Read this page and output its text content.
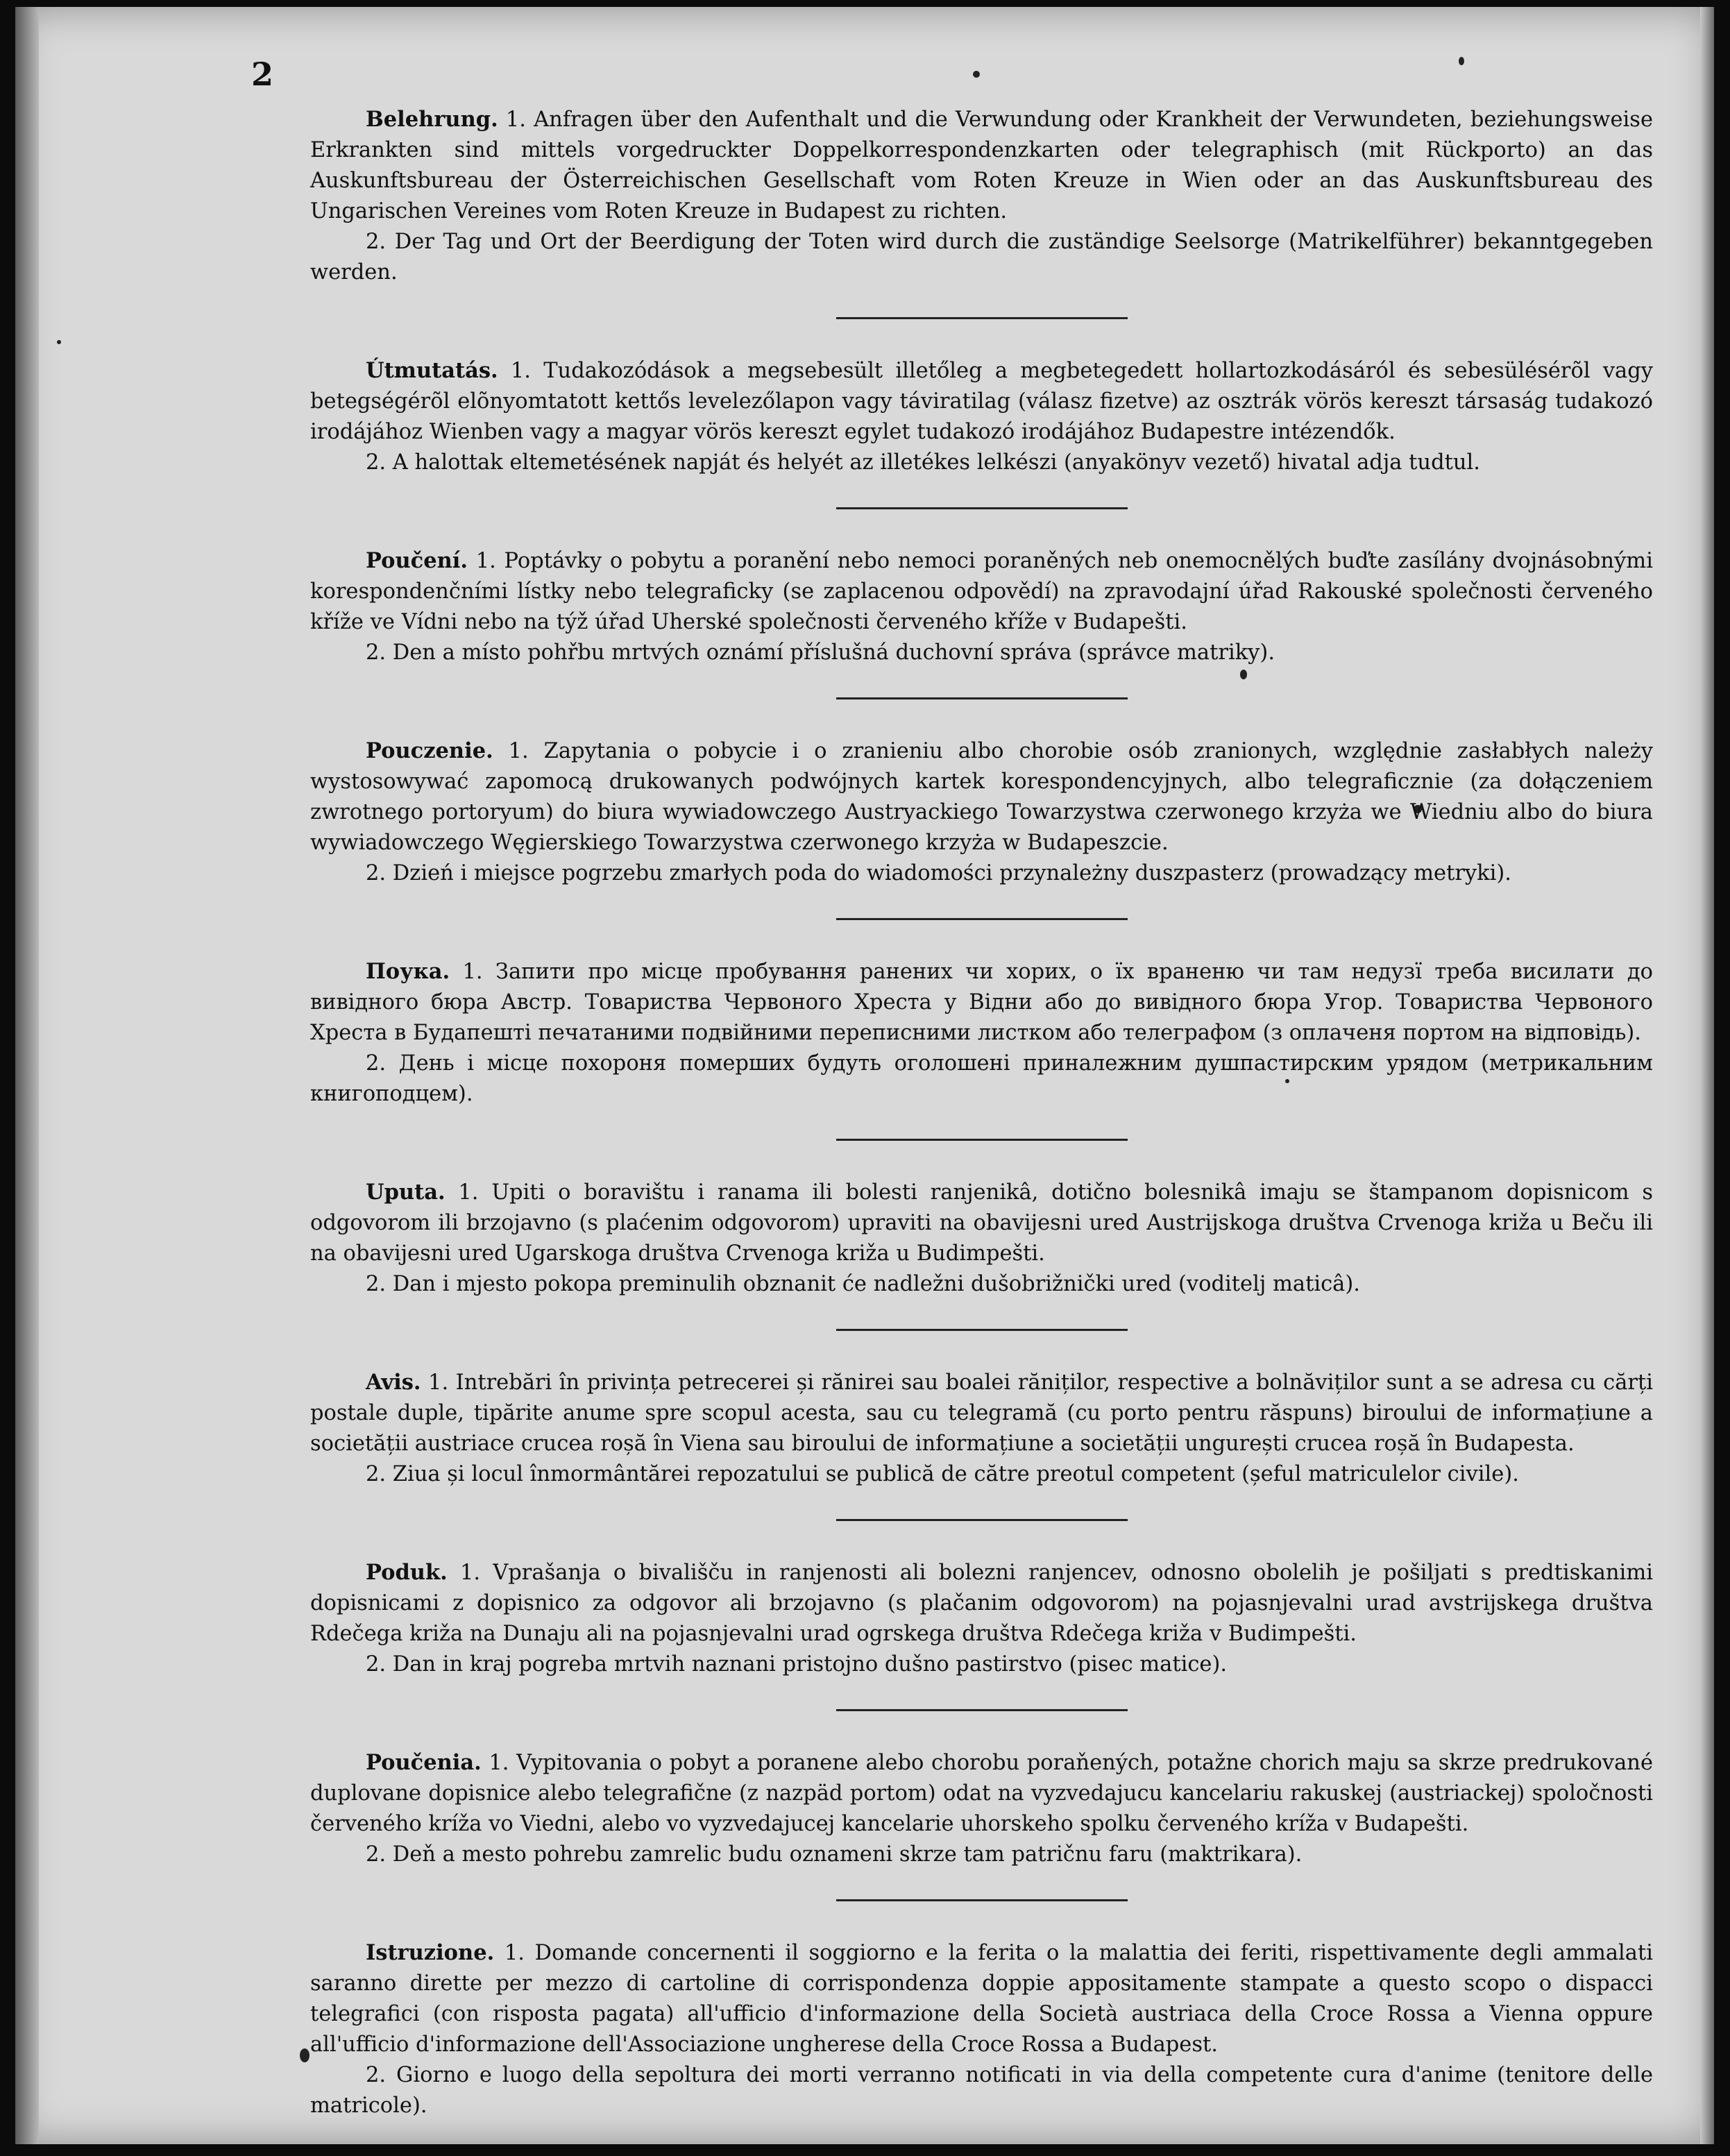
2

Belehrung. 1. Anfragen über den Aufenthalt und die Verwundung oder Krankheit der Verwundeten, beziehungsweise Erkrankten sind mittels vorgedruckter Doppelkorrespondenzkarten oder telegraphisch (mit Rückporto) an das Auskunftsbureau der Österreichischen Gesellschaft vom Roten Kreuze in Wien oder an das Auskunftsbureau des Ungarischen Vereines vom Roten Kreuze in Budapest zu richten.

2. Der Tag und Ort der Beerdigung der Toten wird durch die zuständige Seelsorge (Matrikelführer) bekanntgegeben werden.

Útmutatás. 1. Tudakozódások a megsebesült illetőleg a megbetegedett hollartozkodásáról és sebesülésérõl vagy betegségérõl elõnyomtatott kettős levelezőlapon vagy táviratilag (válasz fizetve) az osztrák vörös kereszt társaság tudakozó irodájához Wienben vagy a magyar vörös kereszt egylet tudakozó irodájához Budapestre intézendők.

2. A halottak eltemetésének napját és helyét az illetékes lelkészi (anyakönyv vezető) hivatal adja tudtul.

Poučení. 1. Poptávky o pobytu a poranění nebo nemoci poraněných neb onemocnělých buďte zasílány dvojnásobnými korespondenčními lístky nebo telegraficky (se zaplacenou odpovědí) na zpravodajní úřad Rakouské společnosti červeného kříže ve Vídni nebo na týž úřad Uherské společnosti červeného kříže v Budapešti.

2. Den a místo pohřbu mrtvých oznámí příslušná duchovní správa (správce matriky).

Pouczenie. 1. Zapytania o pobycie i o zranieniu albo chorobie osób zranionych, względnie zasłabłych należy wystosowywać zapomocą drukowanych podwójnych kartek korespondencyjnych, albo telegraficznie (za dołączeniem zwrotnego portoryum) do biura wywiadowczego Austryackiego Towarzystwa czerwonego krzyża we Wiedniu albo do biura wywiadowczego Węgierskiego Towarzystwa czerwonego krzyża w Budapeszcie.

2. Dzień i miejsce pogrzebu zmarłych poda do wiadomości przynależny duszpasterz (prowadzący metryki).

Поука. 1. Запити про місце пробування ранених чи хорих, о їх враненю чи там недузї треба висилати до вивідного бюра Австр. Товариства Червоного Хреста у Відни або до вивідного бюра Угор. Товариства Червоного Хреста в Будапешті печатаними подвійними переписними листком або телеграфом (з оплаченя портом на відповідь).

2. День і місце похороня померших будуть оголошені приналежним душпастирским урядом (метрикальним книгоподцем).

Uputa. 1. Upiti o boravištu i ranama ili bolesti ranjenikâ, dotično bolesnikâ imaju se štampanom dopisnicom s odgovorom ili brzojavno (s plaćenim odgovorom) upraviti na obavijesni ured Austrijskoga društva Crvenoga križa u Beču ili na obavijesni ured Ugarskoga društva Crvenoga križa u Budimpešti.

2. Dan i mjesto pokopa preminulih obznanit će nadležni dušobrižnički ured (voditelj maticâ).

Avis. 1. Intrebări în privința petrecerei și rănirei sau boalei răniților, respective a bolnăviților sunt a se adresa cu cărți postale duple, tipărite anume spre scopul acesta, sau cu telegramă (cu porto pentru răspuns) biroului de informațiune a societății austriace crucea roșă în Viena sau biroului de informațiune a societății ungurești crucea roșă în Budapesta.

2. Ziua și locul înmormântărei repozatului se publică de către preotul competent (șeful matriculelor civile).

Poduk. 1. Vprašanja o bivališču in ranjenosti ali bolezni ranjencev, odnosno obolelih je pošiljati s predtiskanimi dopisnicami z dopisnico za odgovor ali brzojavno (s plačanim odgovorom) na pojasnjevalni urad avstrijskega društva Rdečega križa na Dunaju ali na pojasnjevalni urad ogrskega društva Rdečega križa v Budimpešti.

2. Dan in kraj pogreba mrtvih naznani pristojno dušno pastirstvo (pisec matice).

Poučenia. 1. Vypitovania o pobyt a poranene alebo chorobu poraňených, potažne chorich maju sa skrze predrukované duplovane dopisnice alebo telegrafične (z nazpäd portom) odat na vyzvedajucu kancelariu rakuskej (austriackej) spoločnosti červeného kríža vo Viedni, alebo vo vyzvedajucej kancelarie uhorskeho spolku červeného kríža v Budapešti.

2. Deň a mesto pohrebu zamrelic budu oznameni skrze tam patričnu faru (maktrikara).

Istruzione. 1. Domande concernenti il soggiorno e la ferita o la malattia dei feriti, rispettivamente degli ammalati saranno dirette per mezzo di cartoline di corrispondenza doppie appositamente stampate a questo scopo o dispacci telegrafici (con risposta pagata) all'ufficio d'informazione della Società austriaca della Croce Rossa a Vienna oppure all'ufficio d'informazione dell'Associazione ungherese della Croce Rossa a Budapest.

2. Giorno e luogo della sepoltura dei morti verranno notificati in via della competente cura d'anime (tenitore delle matricole).
